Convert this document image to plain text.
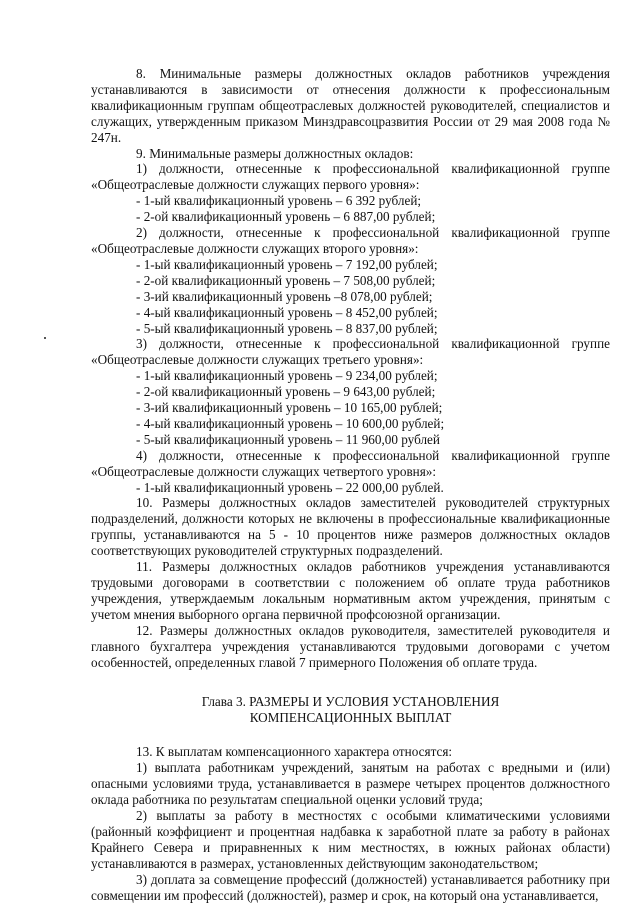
8. Минимальные размеры должностных окладов работников учреждения устанавливаются в зависимости от отнесения должности к профессиональным квалификационным группам общеотраслевых должностей руководителей, специалистов и служащих, утвержденным приказом Минздравсоцразвития России от 29 мая 2008 года № 247н.

9. Минимальные размеры должностных окладов:

1) должности, отнесенные к профессиональной квалификационной группе «Общеотраслевые должности служащих первого уровня»:

- 1-ый квалификационный уровень – 6 392 рублей;

- 2-ой квалификационный уровень – 6 887,00 рублей;

2) должности, отнесенные к профессиональной квалификационной группе «Общеотраслевые должности служащих второго уровня»:

- 1-ый квалификационный уровень – 7 192,00 рублей;

- 2-ой квалификационный уровень – 7 508,00 рублей;

- 3-ий квалификационный уровень –8 078,00 рублей;

- 4-ый квалификационный уровень – 8 452,00 рублей;

- 5-ый квалификационный уровень – 8 837,00 рублей;

3) должности, отнесенные к профессиональной квалификационной группе «Общеотраслевые должности служащих третьего уровня»:

- 1-ый квалификационный уровень – 9 234,00 рублей;

- 2-ой квалификационный уровень – 9 643,00 рублей;

- 3-ий квалификационный уровень – 10 165,00 рублей;

- 4-ый квалификационный уровень – 10 600,00 рублей;

- 5-ый квалификационный уровень – 11 960,00 рублей

4) должности, отнесенные к профессиональной квалификационной группе «Общеотраслевые должности служащих четвертого уровня»:

- 1-ый квалификационный уровень – 22 000,00 рублей.

10. Размеры должностных окладов заместителей руководителей структурных подразделений, должности которых не включены в профессиональные квалификационные группы, устанавливаются на 5 - 10 процентов ниже размеров должностных окладов соответствующих руководителей структурных подразделений.

11. Размеры должностных окладов работников учреждения устанавливаются трудовыми договорами в соответствии с положением об оплате труда работников учреждения, утверждаемым локальным нормативным актом учреждения, принятым с учетом мнения выборного органа первичной профсоюзной организации.

12. Размеры должностных окладов руководителя, заместителей руководителя и главного бухгалтера учреждения устанавливаются трудовыми договорами с учетом особенностей, определенных главой 7 примерного Положения об оплате труда.

Глава 3. РАЗМЕРЫ И УСЛОВИЯ УСТАНОВЛЕНИЯ
КОМПЕНСАЦИОННЫХ ВЫПЛАТ

13. К выплатам компенсационного характера относятся:

1) выплата работникам учреждений, занятым на работах с вредными и (или) опасными условиями труда, устанавливается в размере четырех процентов должностного оклада работника по результатам специальной оценки условий труда;

2) выплаты за работу в местностях с особыми климатическими условиями (районный коэффициент и процентная надбавка к заработной плате за работу в районах Крайнего Севера и приравненных к ним местностях, в южных районах области) устанавливаются в размерах, установленных действующим законодательством;

3) доплата за совмещение профессий (должностей) устанавливается работнику при совмещении им профессий (должностей), размер и срок, на который она устанавливается,
